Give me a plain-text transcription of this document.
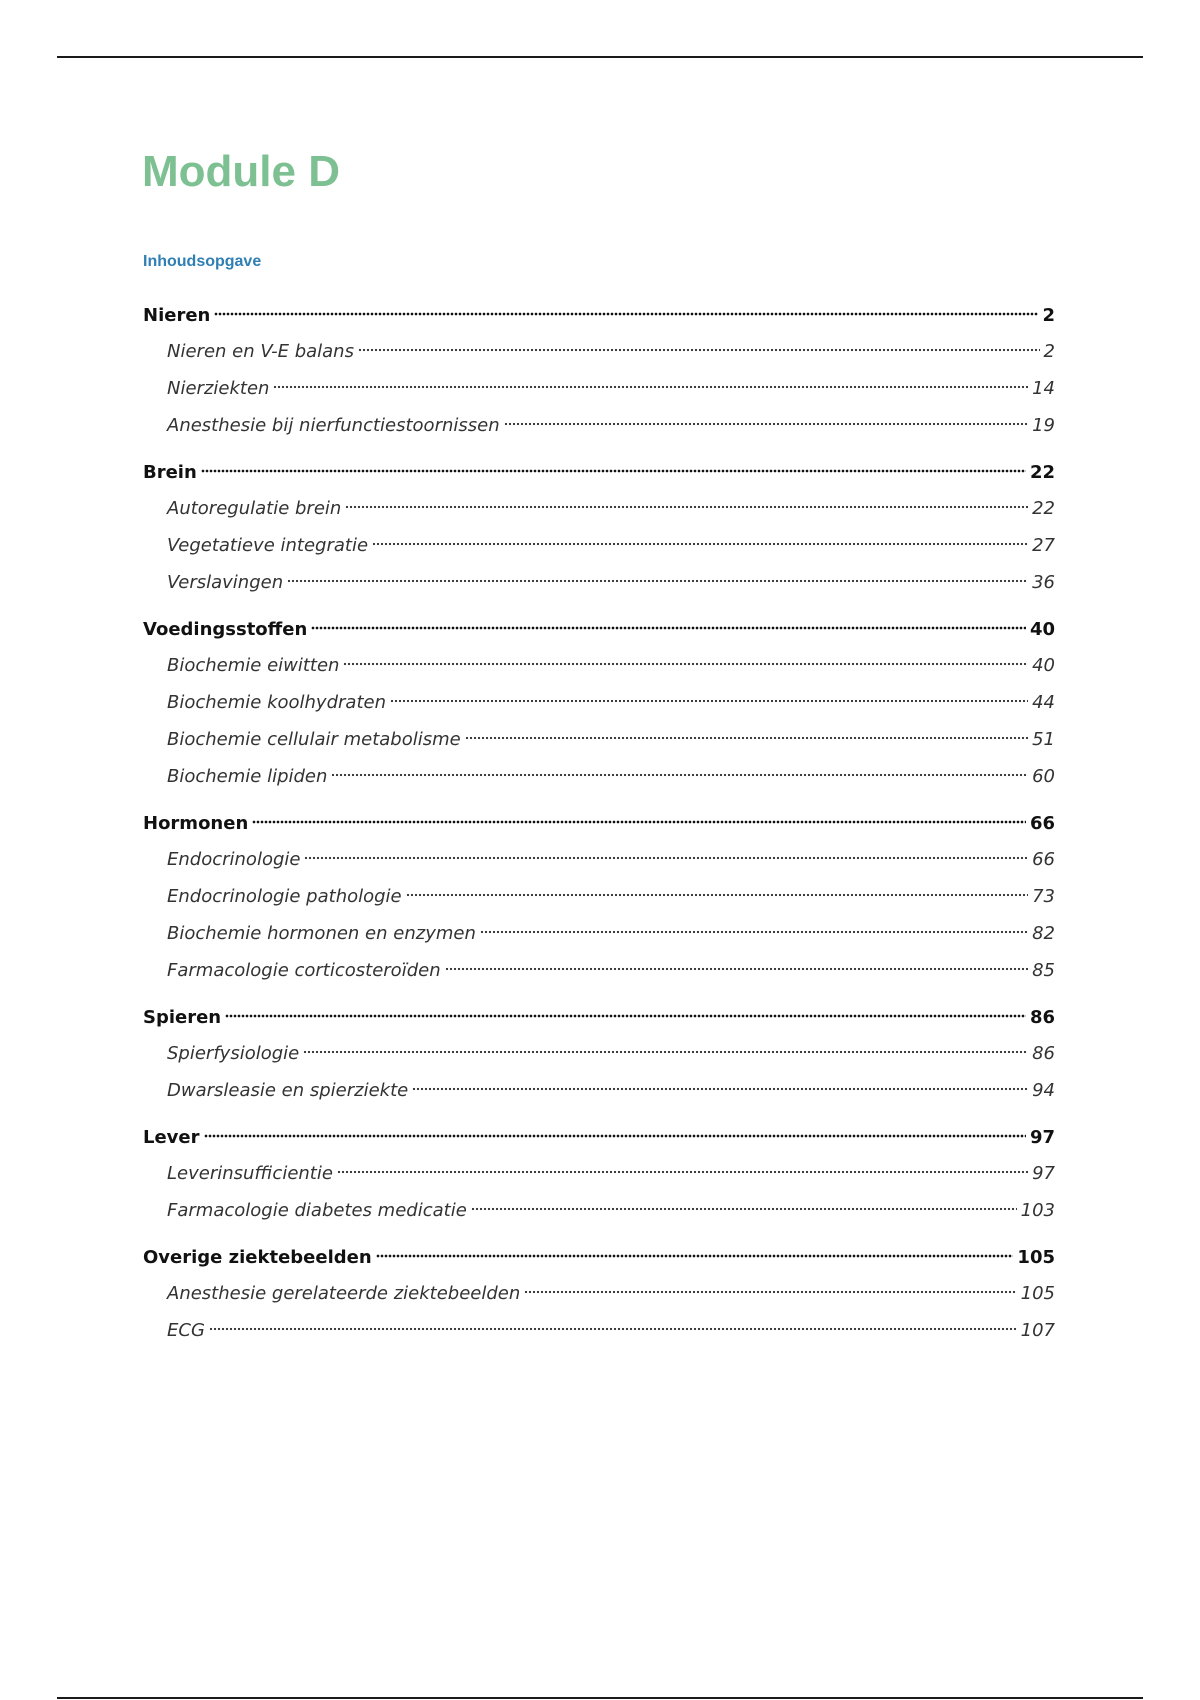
Module D
Inhoudsopgave
Nieren	2
Nieren en V-E balans	2
Nierziekten	14
Anesthesie bij nierfunctiestoornissen	19
Brein	22
Autoregulatie brein	22
Vegetatieve integratie	27
Verslavingen	36
Voedingsstoffen	40
Biochemie eiwitten	40
Biochemie koolhydraten	44
Biochemie cellulair metabolisme	51
Biochemie lipiden	60
Hormonen	66
Endocrinologie	66
Endocrinologie pathologie	73
Biochemie hormonen en enzymen	82
Farmacologie corticosteroïden	85
Spieren	86
Spierfysiologie	86
Dwarsleasie en spierziekte	94
Lever	97
Leverinsufficientie	97
Farmacologie diabetes medicatie	103
Overige ziektebeelden	105
Anesthesie gerelateerde ziektebeelden	105
ECG	107
